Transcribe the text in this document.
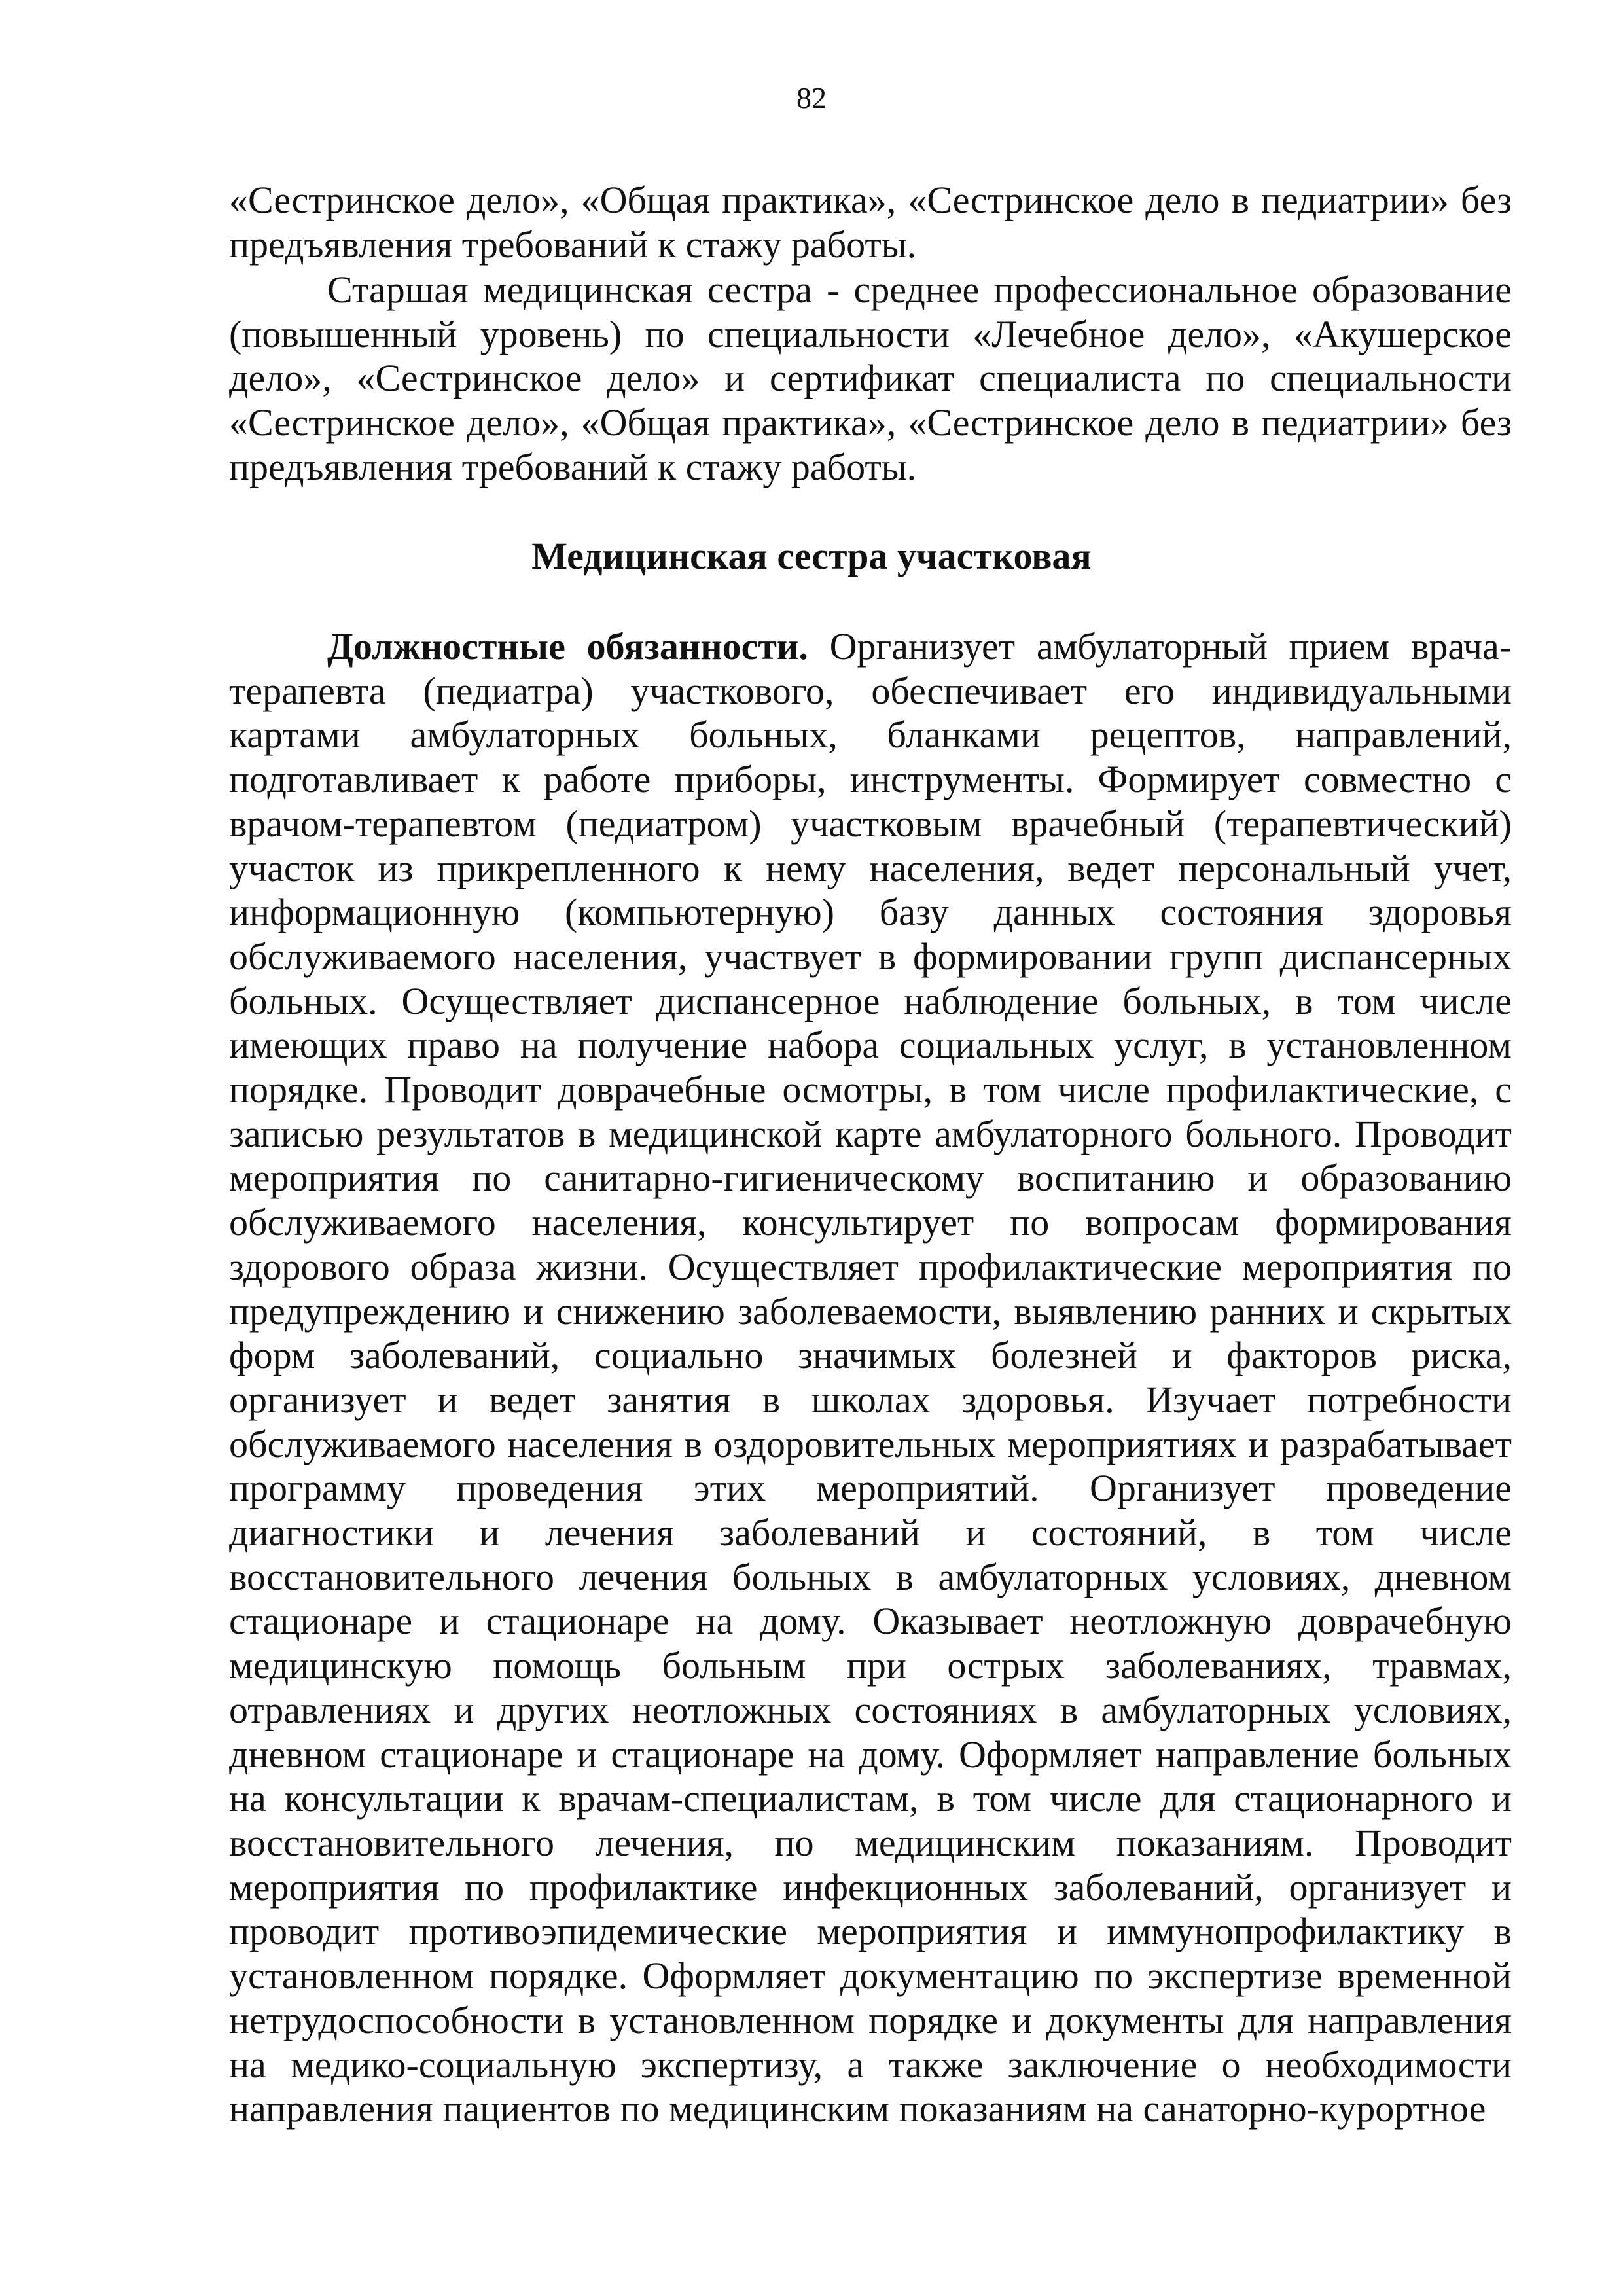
82

«Сестринское дело», «Общая практика», «Сестринское дело в педиатрии» без предъявления требований к стажу работы.

Старшая медицинская сестра - среднее профессиональное образование (повышенный уровень) по специальности «Лечебное дело», «Акушерское дело», «Сестринское дело» и сертификат специалиста по специальности «Сестринское дело», «Общая практика», «Сестринское дело в педиатрии» без предъявления требований к стажу работы.

Медицинская сестра участковая

Должностные обязанности. Организует амбулаторный прием врача-терапевта (педиатра) участкового, обеспечивает его индивидуальными картами амбулаторных больных, бланками рецептов, направлений, подготавливает к работе приборы, инструменты. Формирует совместно с врачом-терапевтом (педиатром) участковым врачебный (терапевтический) участок из прикрепленного к нему населения, ведет персональный учет, информационную (компьютерную) базу данных состояния здоровья обслуживаемого населения, участвует в формировании групп диспансерных больных. Осуществляет диспансерное наблюдение больных, в том числе имеющих право на получение набора социальных услуг, в установленном порядке. Проводит доврачебные осмотры, в том числе профилактические, с записью результатов в медицинской карте амбулаторного больного. Проводит мероприятия по санитарно-гигиеническому воспитанию и образованию обслуживаемого населения, консультирует по вопросам формирования здорового образа жизни. Осуществляет профилактические мероприятия по предупреждению и снижению заболеваемости, выявлению ранних и скрытых форм заболеваний, социально значимых болезней и факторов риска, организует и ведет занятия в школах здоровья. Изучает потребности обслуживаемого населения в оздоровительных мероприятиях и разрабатывает программу проведения этих мероприятий. Организует проведение диагностики и лечения заболеваний и состояний, в том числе восстановительного лечения больных в амбулаторных условиях, дневном стационаре и стационаре на дому. Оказывает неотложную доврачебную медицинскую помощь больным при острых заболеваниях, травмах, отравлениях и других неотложных состояниях в амбулаторных условиях, дневном стационаре и стационаре на дому. Оформляет направление больных на консультации к врачам-специалистам, в том числе для стационарного и восстановительного лечения, по медицинским показаниям. Проводит мероприятия по профилактике инфекционных заболеваний, организует и проводит противоэпидемические мероприятия и иммунопрофилактику в установленном порядке. Оформляет документацию по экспертизе временной нетрудоспособности в установленном порядке и документы для направления на медико-социальную экспертизу, а также заключение о необходимости направления пациентов по медицинским показаниям на санаторно-курортное
